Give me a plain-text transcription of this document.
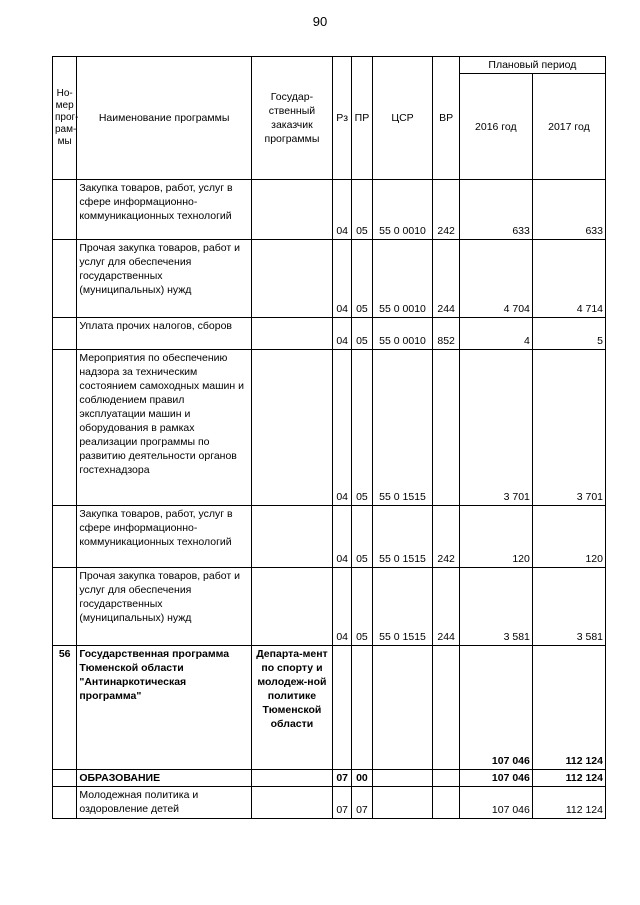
90
Но-
мер
прог-
рам-
мы	Наименование программы	Государ-
ственный
заказчик
программы	Рз	ПР	ЦСР	ВР	Плановый период	
							2016 год	2017 год
	Закупка товаров, работ, услуг в сфере информационно-коммуникационных технологий		04	05	55 0 0010	242	633	633
	Прочая закупка товаров, работ и услуг для обеспечения государственных (муниципальных) нужд		04	05	55 0 0010	244	4 704	4 714
	Уплата прочих налогов, сборов		04	05	55 0 0010	852	4	5
	Мероприятия по обеспечению надзора за техническим состоянием самоходных машин и соблюдением правил эксплуатации машин и оборудования в рамках реализации программы по развитию деятельности органов гостехнадзора		04	05	55 0 1515		3 701	3 701
	Закупка товаров, работ, услуг в сфере информационно-коммуникационных технологий		04	05	55 0 1515	242	120	120
	Прочая закупка товаров, работ и услуг для обеспечения государственных (муниципальных) нужд		04	05	55 0 1515	244	3 581	3 581
56	Государственная программа Тюменской области "Антинаркотическая программа"	Департа-мент по спорту и молодеж-ной политике Тюменской области					107 046	112 124
	ОБРАЗОВАНИЕ		07	00			107 046	112 124
	Молодежная политика и оздоровление детей		07	07			107 046	112 124
